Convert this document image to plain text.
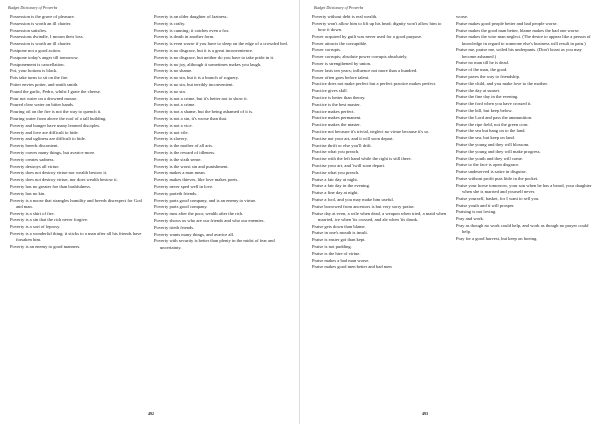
Budget Dictionary of Proverbs
Possession is the grave of pleasure.
Possession is worth an ill charter.
Possession satisfies.
Possessions dwindle, I mourn their loss.
Possession is worth an ill charter.
Postpone not a good action.
Postpone today's anger till tomorrow.
Postponement is cancellation.
Pot, your bottom is black.
Pots take turns to sit on the fire.
Potter envies potter, and smith smith.
Pound the garlic, Pedro, whilst I grate the cheese.
Pour not water on a drowned mouse.
Poured clear water on bitter hands.
Pouring oil on the fire is not the way to quench it.
Pouring water from above the roof of a tall building.
Poverty and hunger have many learned disciples.
Poverty and love are difficult to hide.
Poverty and ugliness are difficult to hide.
Poverty breeds discontent.
Poverty craves many things, but avarice more.
Poverty creates sadness.
Poverty destroys all virtue.
Poverty does not destroy virtue nor wealth bestow it.
Poverty does not destroy virtue, nor does wealth bestow it.
Poverty has no greater foe than bashfulness.
Poverty has no kin.
Poverty is a noose that strangles humility and breeds disrespect for God and man.
Poverty is a shirt of fire.
Poverty is a sin that the rich never forgive.
Poverty is a sort of leprosy.
Poverty is a wonderful thing; it sticks to a man after all his friends have forsaken him.
Poverty is an enemy to good manners.
Poverty is an older daughter of laziness.
Poverty is crafty.
Poverty is cunning; it catches even a fox.
Poverty is death in another form.
Poverty is even worse if you have to sleep on the edge of a crowded bed.
Poverty is no disgrace, but it is a great inconvenience.
Poverty is no disgrace, but neither do you have to take pride in it.
Poverty is no joy, although it sometimes makes you laugh.
Poverty is no shame.
Poverty is no sin, but it is a branch of roguery.
Poverty is no sin, but terribly inconvenient.
Poverty is no sin.
Poverty is not a crime, but it's better not to show it.
Poverty is not a crime.
Poverty is not a shame, but the being ashamed of it is.
Poverty is not a sin, it's worse than that.
Poverty is not a vice.
Poverty is not vile.
Poverty is slavery.
Poverty is the mother of all arts.
Poverty is the reward of idleness.
Poverty is the sixth sense.
Poverty is the worst sin and punishment.
Poverty makes a man mean.
Poverty makes thieves, like love makes poets.
Poverty never sped well in love.
Poverty parteth friends.
Poverty parts good company, and is an enemy to virtue.
Poverty parts good company.
Poverty runs after the poor, wealth after the rich.
Poverty shows us who are our friends and who our enemies.
Poverty trieth friends.
Poverty wants many things, and avarice all.
Poverty with security is better than plenty in the midst of fear and uncertainty.
492
Budget Dictionary of Proverbs
Poverty without debt is real wealth.
Poverty won't allow him to lift up his head; dignity won't allow him to bow it down.
Power acquired by guilt was never used for a good purpose.
Power attracts the corruptible.
Power corrupts.
Power corrupts; absolute power corrupts absolutely.
Power is strengthened by union.
Power lasts ten years; influence not more than a hundred.
Power often goes before talent.
Practice does not make perfect but a perfect practice makes perfect.
Practice gives skill.
Practice is better than theory.
Practice is the best master.
Practice makes perfect.
Practice makes permanent.
Practice makes the master.
Practice not because it's trivial, neglect no virtue because it's so.
Practise not your art, and it will soon depart.
Practise thrift or else you'll drift.
Practise what you preach.
Practise with the left hand while the right is still there.
Practise your art, and 'twill soon depart.
Practise what you preach.
Praise a fair day at night.
Praise a fair day in the evening.
Praise a fine day at night.
Praise a fool, and you may make him useful.
Praise borrowed from ancestors is but very sorry praise.
Praise day at even, a wife when dead, a weapon when tried, a maid when married, ice when 'tis crossed, and ale when 'tis drunk.
Praise gets down than blame.
Praise in one's mouth is insult.
Praise is easier got than kept.
Praise is not pudding.
Praise is the hire of virtue.
Praise makes a bad man worse.
Praise makes good men better and bad men
worse.
Praise makes good people better and bad people worse.
Praise makes the good man better, blame makes the bad one worse.
Praise makes the wise man neglect. (The desire to appear like a person of knowledge in regard to someone else's business will result in pain.)
Praise me, praise me, soiled his underpants. (Don't boast as you may become ashamed.)
Praise no man till he is dead.
Praise of the man, the good.
Praise paves the way to friendship.
Praise the child, and you make love to the mother.
Praise the day at sunset.
Praise the fine day in the evening.
Praise the ford when you have crossed it.
Praise the hill, but keep below.
Praise the Lord and pass the ammunition.
Praise the ripe field, not the green corn.
Praise the sea but hang on to the land.
Praise the sea, but keep on land.
Praise the young and they will blossom.
Praise the young and they will make progress.
Praise the youth and they will come.
Praise to the face is open disgrace.
Praise undeserved is satire in disguise.
Praise without profit puts little in the pocket.
Praise your horse tomorrow, your son when he has a beard, your daughter when she is married and yourself never.
Praise yourself, basket, for I want to sell you.
Praise youth and it will prosper.
Praising is not loving.
Pray and work.
Pray as though no work could help, and work as though no prayer could help.
Pray for a good harvest, but keep on hoeing.
493
